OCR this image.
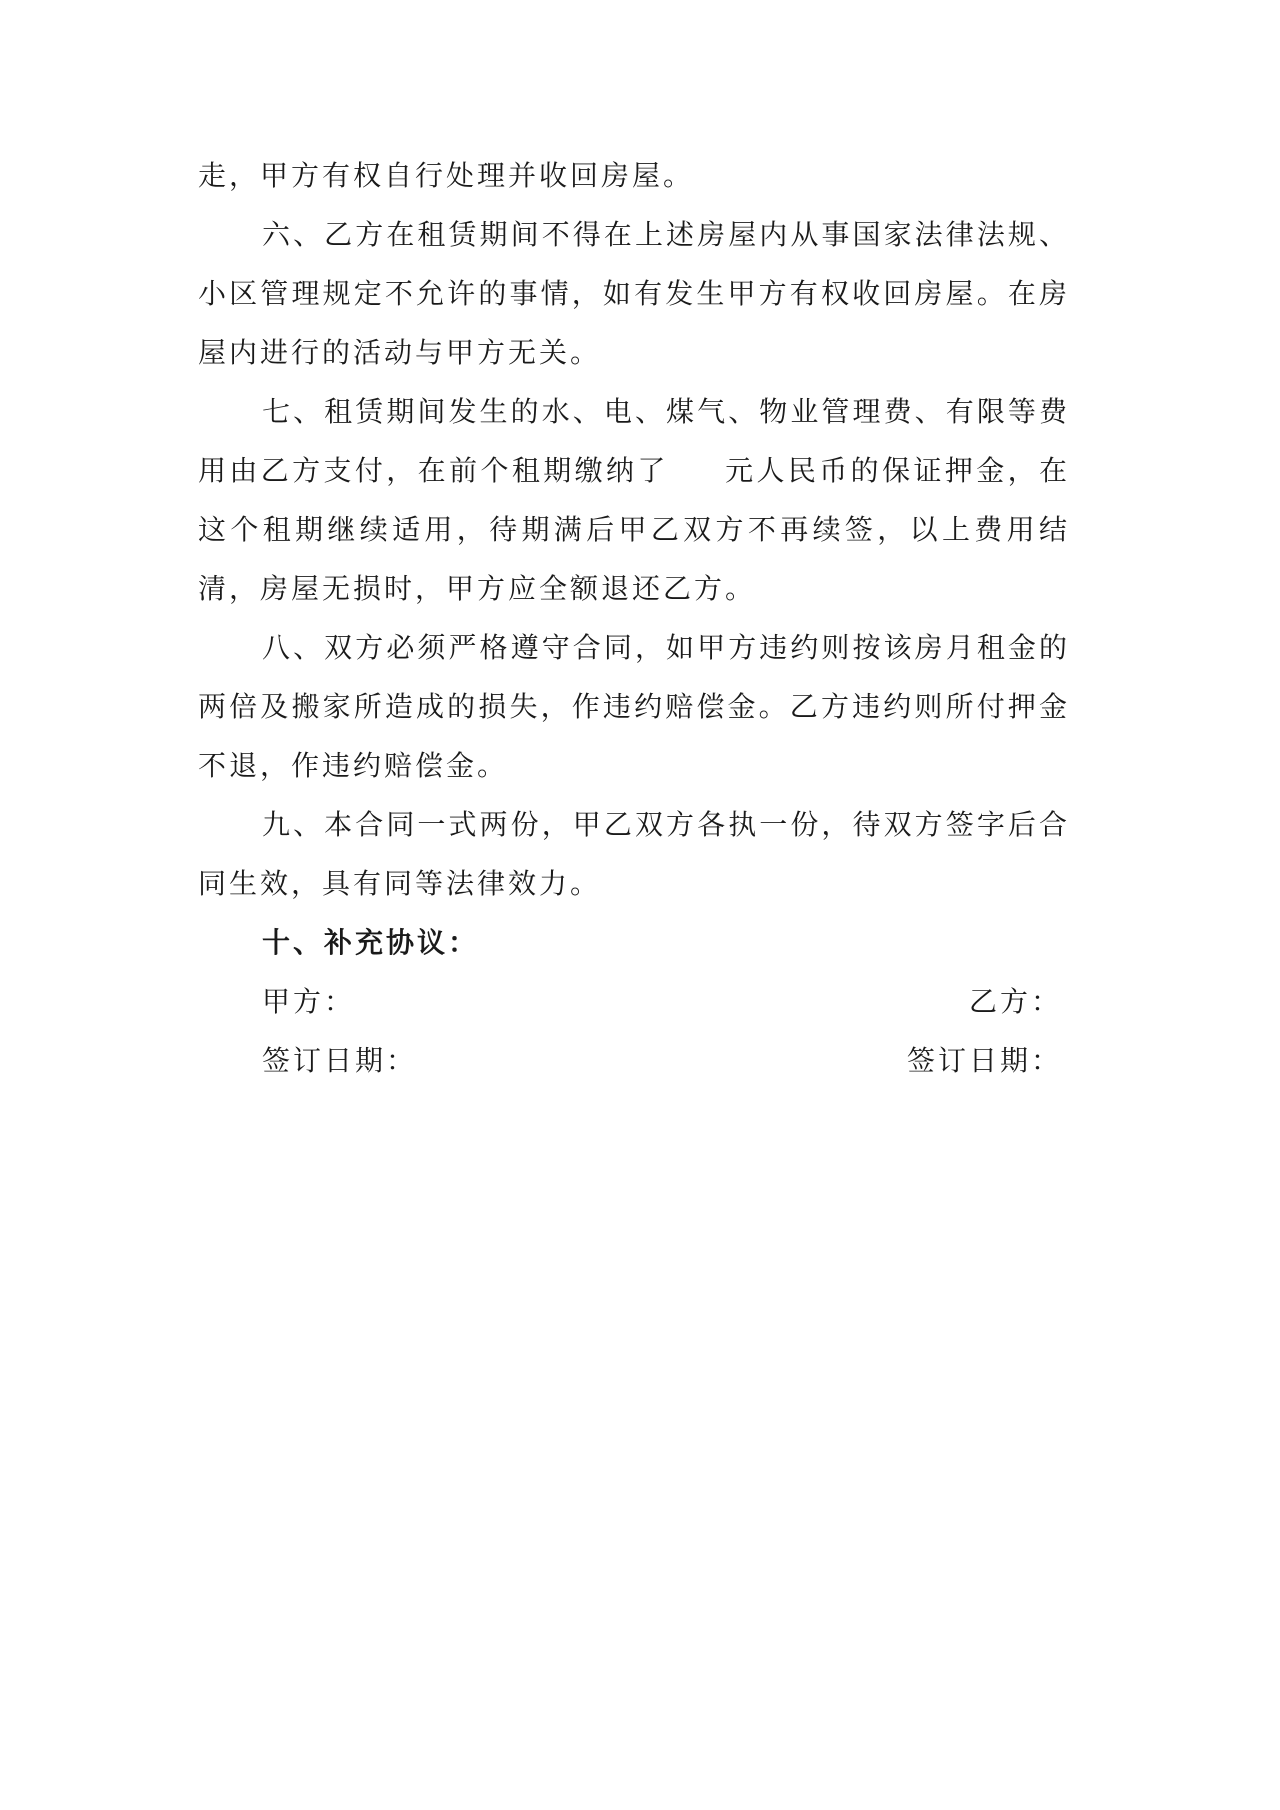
走，甲方有权自行处理并收回房屋。

六、乙方在租赁期间不得在上述房屋内从事国家法律法规、小区管理规定不允许的事情，如有发生甲方有权收回房屋。在房屋内进行的活动与甲方无关。

七、租赁期间发生的水、电、煤气、物业管理费、有限等费用由乙方支付，在前个租期缴纳了 元人民币的保证押金，在这个租期继续适用，待期满后甲乙双方不再续签，以上费用结清，房屋无损时，甲方应全额退还乙方。

八、双方必须严格遵守合同，如甲方违约则按该房月租金的两倍及搬家所造成的损失，作违约赔偿金。乙方违约则所付押金不退，作违约赔偿金。

九、本合同一式两份，甲乙双方各执一份，待双方签字后合同生效，具有同等法律效力。

十、补充协议：

甲方：	乙方：
签订日期：	签订日期：
